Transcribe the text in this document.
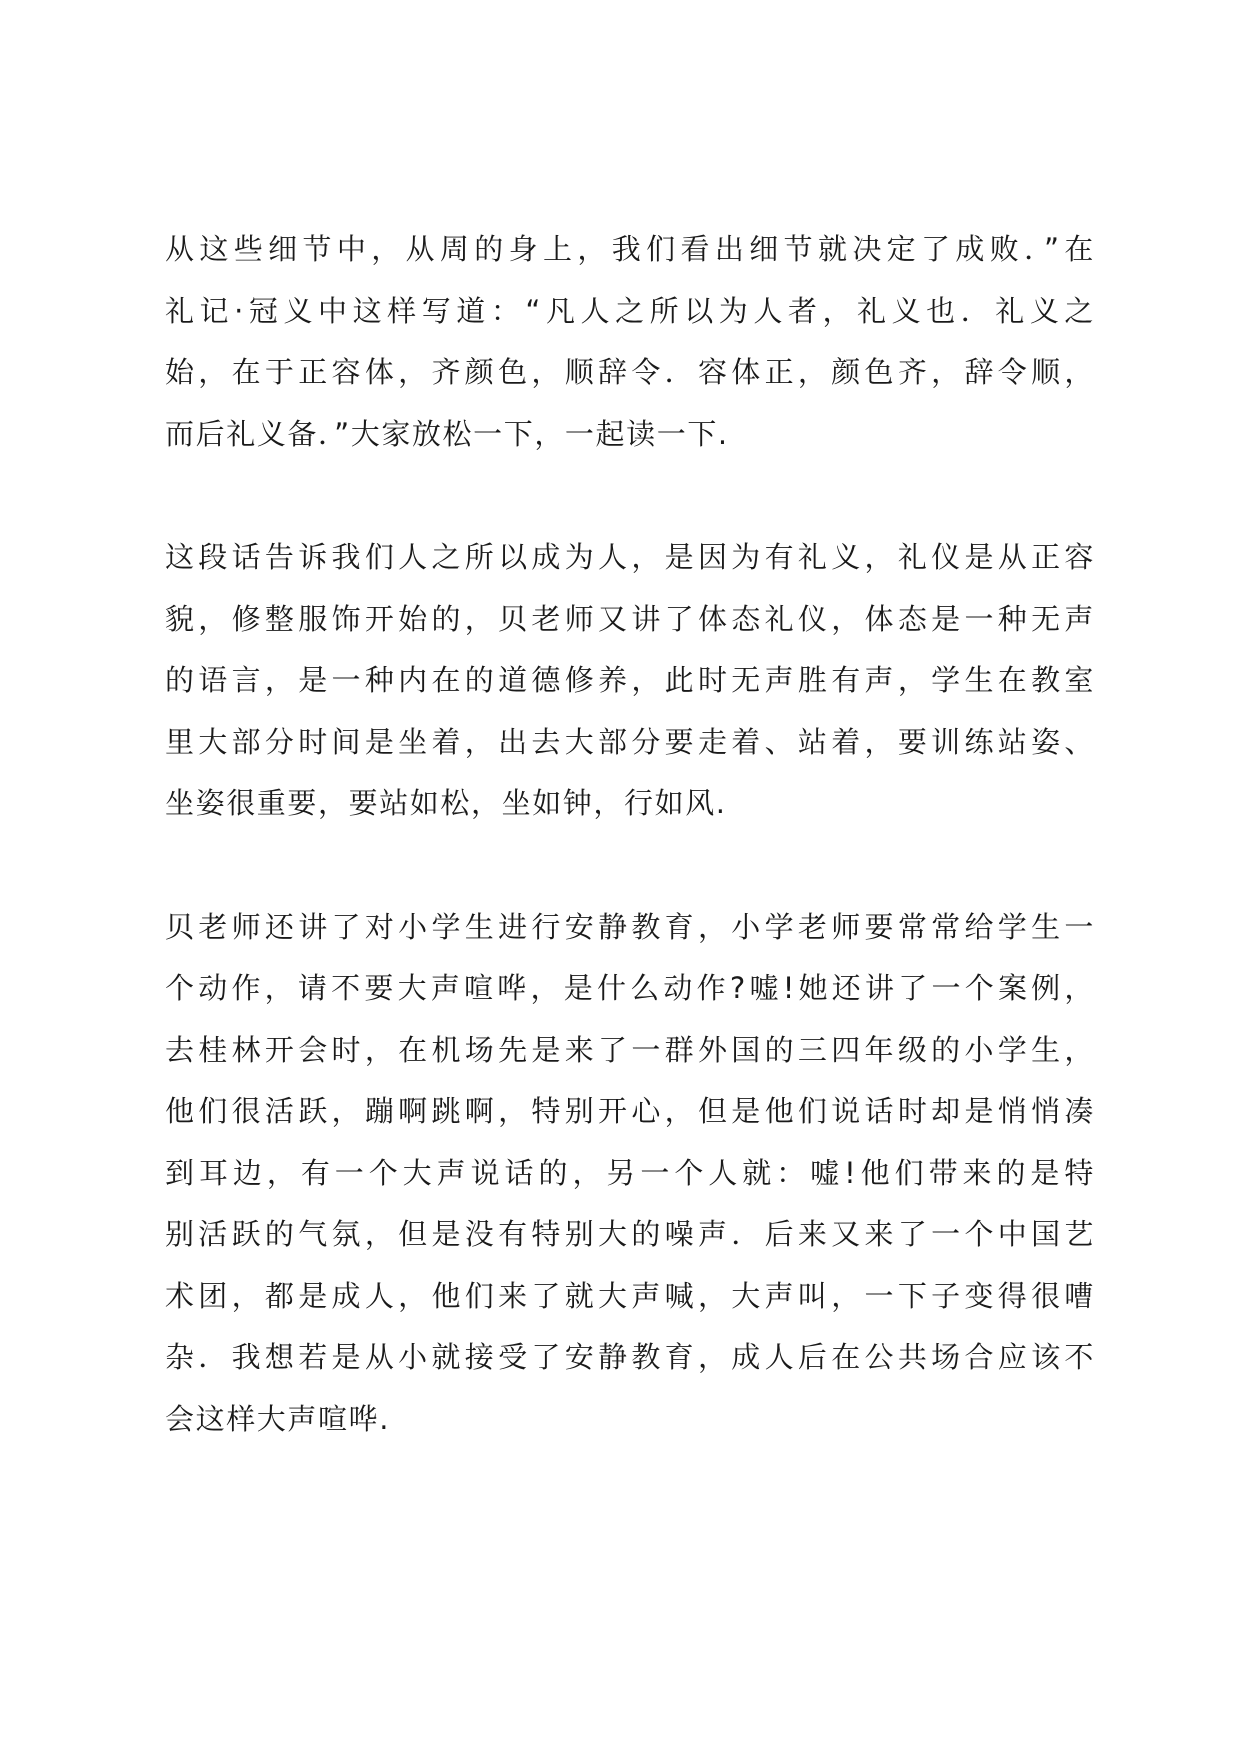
从这些细节中，从周的身上，我们看出细节就决定了成败．”在
礼记·冠义中这样写道：“凡人之所以为人者，礼义也．礼义之
始，在于正容体，齐颜色，顺辞令．容体正，颜色齐，辞令顺，
而后礼义备．”大家放松一下，一起读一下.
这段话告诉我们人之所以成为人，是因为有礼义，礼仪是从正容
貌，修整服饰开始的，贝老师又讲了体态礼仪，体态是一种无声
的语言，是一种内在的道德修养，此时无声胜有声，学生在教室
里大部分时间是坐着，出去大部分要走着、站着，要训练站姿、
坐姿很重要，要站如松，坐如钟，行如风.
贝老师还讲了对小学生进行安静教育，小学老师要常常给学生一
个动作，请不要大声喧哗，是什么动作?嘘!她还讲了一个案例，
去桂林开会时，在机场先是来了一群外国的三四年级的小学生，
他们很活跃，蹦啊跳啊，特别开心，但是他们说话时却是悄悄凑
到耳边，有一个大声说话的，另一个人就：嘘!他们带来的是特
别活跃的气氛，但是没有特别大的噪声．后来又来了一个中国艺
术团，都是成人，他们来了就大声喊，大声叫，一下子变得很嘈
杂．我想若是从小就接受了安静教育，成人后在公共场合应该不
会这样大声喧哗.
